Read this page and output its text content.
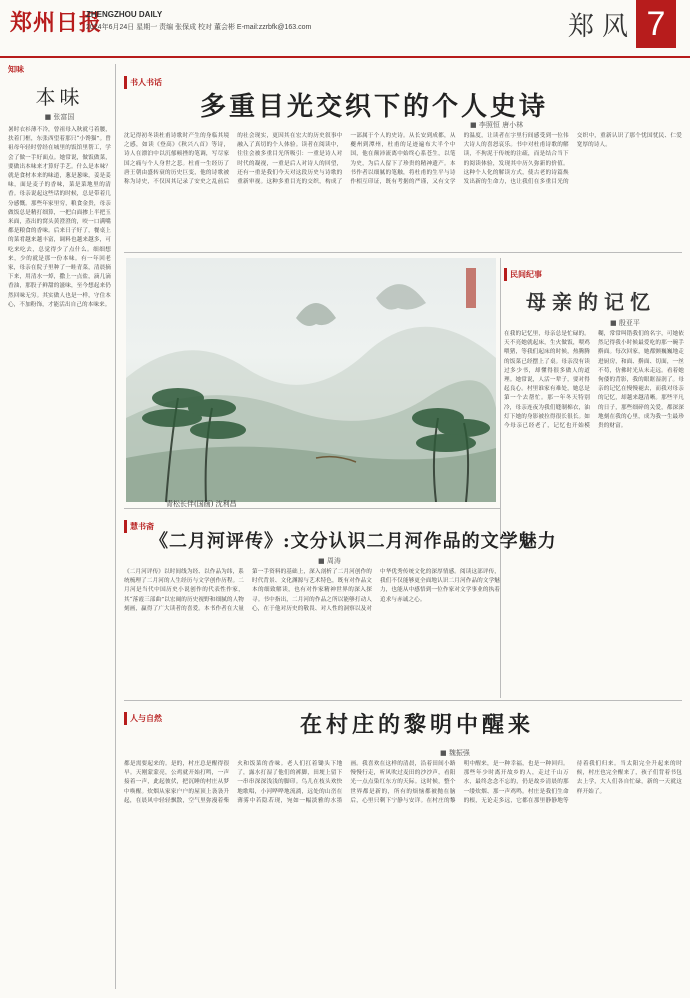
郑州日报
ZHENGZHOU DAILY
2024年6月24日 星期一 责编 张保成 校对 董会彬 E-mail:zzrbfk@163.com	郑风 7
知味
本味
■ 张富国
暑时衣衫薄不冷，曾祖母入秋就弓着腰，扶着门框，东张西望着那只“小馋猫”。曾祖母年轻时曾经在城里的饭馆里帮工，学会了做一手好面点。她常说，做饭做菜，要做出本味来才算好手艺。什么是本味？就是食材本来的味道，葱是葱味，姜是姜味，面是麦子的香味，菜是菜地里的清香。母亲说起这些话的时候，总是带着几分感慨。那些年家里穷，粮食金贵，母亲做饭总是精打细算，一把白面掺上半把玉米面，蒸出的窝头黄澄澄的，咬一口满嘴都是粮食的香味。后来日子好了，餐桌上的菜肴越来越丰富，调料也越来越多，可吃来吃去，总觉得少了点什么。细细想来，少的就是那一份本味。有一年回老家，母亲在院子里种了一畦青菜，清晨摘下来，用清水一焯，撒上一点盐，滴几滴香油，那股子鲜甜的滋味，至今想起来仍然回味无穷。其实做人也是一样，守住本心，不加粉饰，才能活出自己的本味来。
书人书话
多重目光交织下的个人史诗
■ 李照恒 唐小林
沈记得初冬读杜甫诗歌时产生的身临其境之感，如读《登高》《秋兴八首》等诗，诗人在漂泊中以沉郁顿挫的笔调，写尽家国之痛与个人身世之悲。杜甫一生经历了唐王朝由盛转衰的历史巨变，他的诗歌被称为诗史，不仅因其记录了安史之乱前后的社会现实，更因其在宏大的历史叙事中融入了真切的个人体验。读者在阅读中，往往会被多重目光所吸引：一重是诗人对时代的凝视，一重是后人对诗人的回望，还有一重是我们今天对这段历史与诗歌的重新审视。这种多重目光的交织，构成了一部属于个人的史诗。从长安到成都，从夔州到潭州，杜甫的足迹遍布大半个中国，他在颠沛流离中始终心系苍生，以笔为史，为后人留下了珍贵的精神遗产。本书作者以细腻的笔触，将杜甫的生平与诗作相互印证，既有考据的严谨，又有文学的温度，让读者在字里行间感受到一位伟大诗人的喜怒哀乐。书中对杜甫诗歌的解读，不拘泥于传统的注疏，而是结合当下的阅读体验，发现其中历久弥新的价值。这种个人化的解读方式，使古老的诗篇焕发出新的生命力，也让我们在多重目光的交织中，重新认识了那个忧国忧民、仁爱宽厚的诗人。
青松长伴(国画) 沈利昌
民间纪事
母亲的记忆
■ 殷亚平
在我的记忆里，母亲总是忙碌的。天不亮她就起床，生火做饭，喂鸡喂猪，等我们起床的时候，热腾腾的饭菜已经摆上了桌。母亲没有读过多少书，却懂得很多做人的道理。她常说，人活一辈子，要对得起良心。村里谁家有难处，她总是第一个去帮忙。那一年冬天特别冷，母亲连夜为我们缝制棉衣，油灯下她的身影被拉得很长很长。如今母亲已经老了，记忆也开始模糊，常常叫错我们的名字，可她依然记得我小时候最爱吃的那一碗手擀面。每次回家，她都颤巍巍地走进厨房，和面、擀面、切面，一丝不苟，仿佛时光从未走远。看着她佝偻的背影，我的眼眶湿润了。母亲的记忆在慢慢褪去，而我对母亲的记忆，却越来越清晰。那些平凡的日子，那些细碎的关爱，都深深地刻在我的心里，成为我一生最珍贵的财富。
慧书斋
《二月河评传》:文分认识二月河作品的文学魅力
■ 周涛
《二月河评传》以时间线为经、以作品为纬，系统梳理了二月河的人生经历与文学创作历程。二月河是当代中国历史小说创作的代表性作家，其“落霞三部曲”以宏阔的历史视野和细腻的人物刻画，赢得了广大读者的喜爱。本书作者在大量第一手资料的基础上，深入剖析了二月河创作的时代背景、文化渊源与艺术特色，既有对作品文本的细致解读，也有对作家精神世界的深入探寻。书中指出，二月河的作品之所以能够打动人心，在于他对历史的敬畏、对人性的洞察以及对中华优秀传统文化的深厚情感。阅读这部评传，我们不仅能够更全面地认识二月河作品的文学魅力，也能从中感悟到一位作家对文学事业的执着追求与赤诚之心。
人与自然	在村庄的黎明中醒来
■ 魏振强
都是需要起来的。是的，村庄总是醒得很早。天刚蒙蒙亮，公鸡就开始打鸣，一声接着一声，此起彼伏，把沉睡的村庄从梦中唤醒。炊烟从家家户户的屋顶上袅袅升起，在晨风中轻轻飘散，空气里弥漫着柴火和饭菜的香味。老人们扛着锄头下地了，露水打湿了他们的裤脚，田埂上留下一串串深深浅浅的脚印。鸟儿在枝头欢快地歌唱，小河哗哗地流淌，远处的山峦在薄雾中若隐若现，宛如一幅淡雅的水墨画。我喜欢在这样的清晨，沿着田间小路慢慢行走，听风吹过麦田的沙沙声，看阳光一点点染红东方的天际。这时候，整个世界都是新的，所有的烦恼都被抛在脑后，心里只剩下宁静与安详。在村庄的黎明中醒来，是一种幸福，也是一种回归。那些年少时离开故乡的人，走过千山万水，最终念念不忘的，仍是故乡清晨的那一缕炊烟、那一声鸡鸣。村庄是我们生命的根，无论走多远，它都在那里静静地等待着我们归来。当太阳完全升起来的时候，村庄也完全醒来了，孩子们背着书包去上学，大人们各自忙碌，新的一天就这样开始了。
